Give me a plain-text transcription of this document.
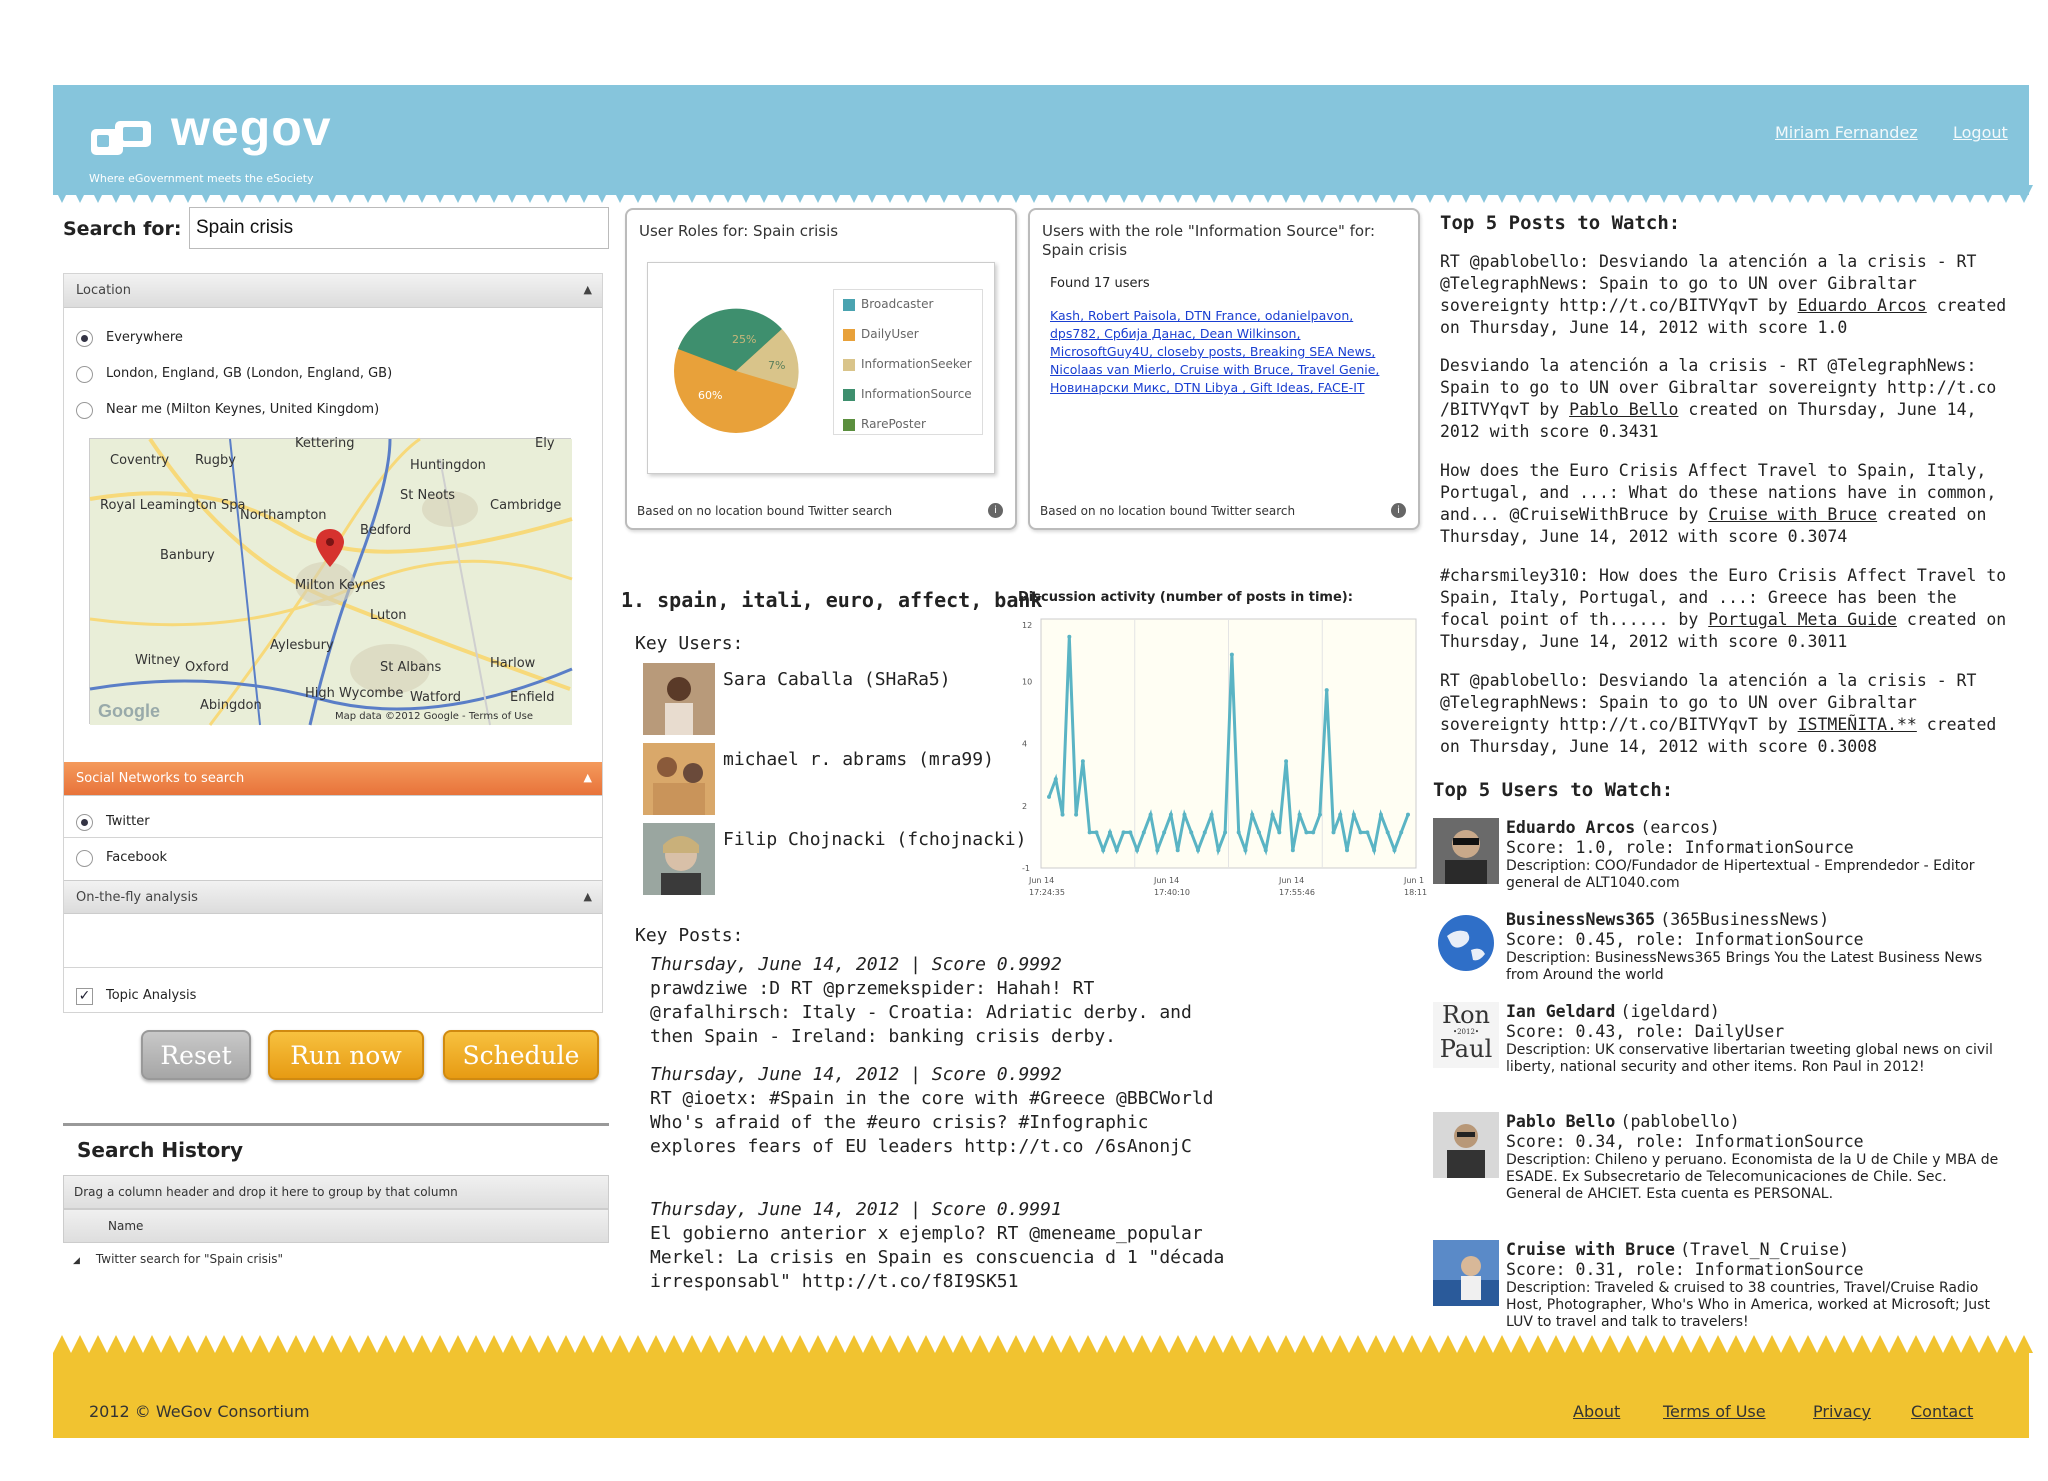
wegov
Where eGovernment meets the eSociety
Miriam Fernandez Logout
Search for:
Spain crisis
Location	▲
Everywhere
London, England, GB (London, England, GB)
Near me (Milton Keynes, United Kingdom)
Social Networks to search	▲
Twitter
Facebook
On-the-fly analysis	▲
✓ Topic Analysis
Coventry Rugby
Kettering
Huntingdon
Royal Leamington Spa
Northampton
St Neots
Cambridge
Bedford
Banbury
Milton Keynes
Luton
Aylesbury
Witney Oxford	St Albans	Harlow
Abingdon
High Wycombe Watford	Enfield
Ely
Google	Map data ©2012 Google - Terms of Use
Reset	Run now	Schedule
Search History
Drag a column header and drop it here to group by that column
Name
◢ Twitter search for "Spain crisis"
User Roles for: Spain crisis
60%
25%
7%
Broadcaster
DailyUser
InformationSeeker
InformationSource
RarePoster
Based on no location bound Twitter search	i
Users with the role "Information Source" for: Spain crisis
Found 17 users
Kash, Robert Paisola, DTN France, odanielpavon, dps782, Србија Данас, Dean Wilkinson, MicrosoftGuy4U, closeby posts, Breaking SEA News, Nicolaas van Mierlo, Cruise with Bruce, Travel Genie, Новинарски Микс, DTN Libya , Gift Ideas, FACE-IT
Based on no location bound Twitter search	i
1. spain, itali, euro, affect, bank
Key Users:
Sara Caballa (SHaRa5)
michael r. abrams (mra99)
Filip Chojnacki (fchojnacki)
Discussion activity (number of posts in time):
12
10
4
2
-1
Jun 14 17:24:35
Jun 14 17:40:10
Jun 14 17:55:46
Jun 1 18:11
Key Posts:
Thursday, June 14, 2012 | Score 0.9992
prawdziwe :D RT @przemekspider: Hahah! RT @rafalhirsch: Italy - Croatia: Adriatic derby. and then Spain - Ireland: banking crisis derby.
Thursday, June 14, 2012 | Score 0.9992
RT @ioetx: #Spain in the core with #Greece @BBCWorld Who's afraid of the #euro crisis? #Infographic explores fears of EU leaders http://t.co /6sAnonjC
Thursday, June 14, 2012 | Score 0.9991
El gobierno anterior x ejemplo? RT @meneame_popular Merkel: La crisis en Spain es conscuencia d 1 "década irresponsabl" http://t.co/f8I9SK51
Top 5 Posts to Watch:
RT @pablobello: Desviando la atención a la crisis - RT @TelegraphNews: Spain to go to UN over Gibraltar sovereignty http://t.co/BITVYqvT by Eduardo Arcos created on Thursday, June 14, 2012 with score 1.0
Desviando la atención a la crisis - RT @TelegraphNews: Spain to go to UN over Gibraltar sovereignty http://t.co /BITVYqvT by Pablo Bello created on Thursday, June 14, 2012 with score 0.3431
How does the Euro Crisis Affect Travel to Spain, Italy, Portugal, and ...: What do these nations have in common, and... @CruiseWithBruce by Cruise with Bruce created on Thursday, June 14, 2012 with score 0.3074
#charsmiley310: How does the Euro Crisis Affect Travel to Spain, Italy, Portugal, and ...: Greece has been the focal point of th...... by Portugal Meta Guide created on Thursday, June 14, 2012 with score 0.3011
RT @pablobello: Desviando la atención a la crisis - RT @TelegraphNews: Spain to go to UN over Gibraltar sovereignty http://t.co/BITVYqvT by ISTMEÑITA.** created on Thursday, June 14, 2012 with score 0.3008
Top 5 Users to Watch:
Eduardo Arcos (earcos)
Score: 1.0, role: InformationSource
Description: COO/Fundador de Hipertextual - Emprendedor - Editor general de ALT1040.com
BusinessNews365 (365BusinessNews)
Score: 0.45, role: InformationSource
Description: BusinessNews365 Brings You the Latest Business News from Around the world
Ron
•2012•
Paul
Ian Geldard (igeldard)
Score: 0.43, role: DailyUser
Description: UK conservative libertarian tweeting global news on civil liberty, national security and other items. Ron Paul in 2012!
Pablo Bello (pablobello)
Score: 0.34, role: InformationSource
Description: Chileno y peruano. Economista de la U de Chile y MBA de ESADE. Ex Subsecretario de Telecomunicaciones de Chile. Sec. General de AHCIET. Esta cuenta es PERSONAL.
Cruise with Bruce (Travel_N_Cruise)
Score: 0.31, role: InformationSource
Description: Traveled & cruised to 38 countries, Travel/Cruise Radio Host, Photographer, Who's Who in America, worked at Microsoft; Just LUV to travel and talk to travelers!
2012 © WeGov Consortium	About	Terms of Use	Privacy	Contact
